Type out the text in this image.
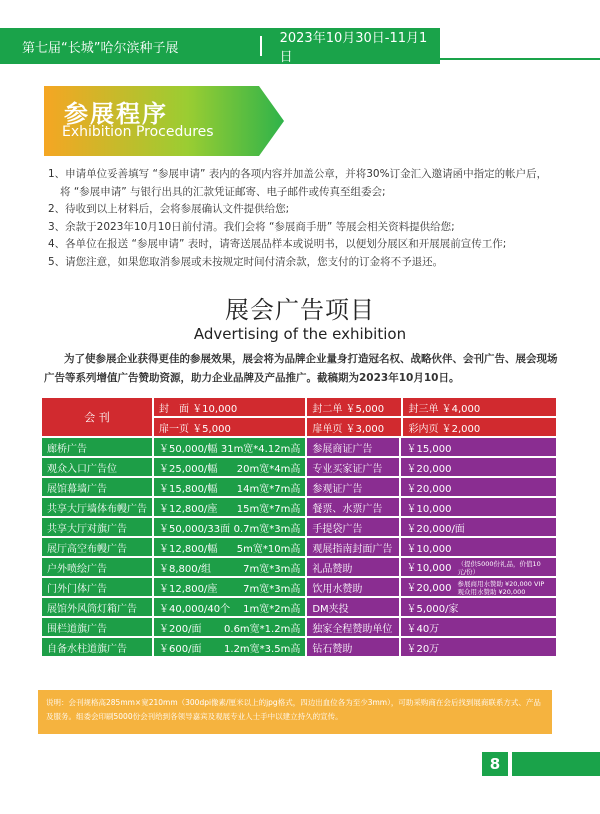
第七届“长城”哈尔滨种子展
2023年10月30日-11月1日
参展程序
Exhibition Procedures

1、申请单位妥善填写 “参展申请” 表内的各项内容并加盖公章，并将30%订金汇入邀请函中指定的帐户后，

将 “参展申请” 与银行出具的汇款凭证邮寄、电子邮件或传真至组委会;

2、待收到以上材料后，会将参展确认文件提供给您;

3、余款于2023年10月10日前付清。我们会将 “参展商手册” 等展会相关资料提供给您;

4、各单位在报送 “参展申请” 表时，请寄送展品样本或说明书，以便划分展区和开展展前宣传工作;

5、请您注意，如果您取消参展或未按规定时间付清余款，您支付的订金将不予退还。

展会广告项目
Advertising of the exhibition
为了使参展企业获得更佳的参展效果，展会将为品牌企业量身打造冠名权、战略伙伴、会刊广告、展会现场广告等系列增值广告赞助资源，助力企业品牌及产品推广。截稿期为2023年10月10日。
会 刊	封　面 ￥10,000	封二单 ￥5,000		封三单 ￥4,000
	扉一页 ￥5,000	扉单页 ￥3,000		彩内页 ￥2,000
廊桥广告	￥50,000/幅 31m宽*4.12m高	参展商证广告	￥15,000	
观众入口广告位	￥25,000/幅 20m宽*4m高	专业买家证广告	￥20,000	
展馆幕墙广告	￥15,800/幅 14m宽*7m高	参观证广告	￥20,000	
共享大厅墙体布幔广告	￥12,800/座 15m宽*7m高	餐票、水票广告	￥10,000	
共享大厅对旗广告	￥50,000/33面 0.7m宽*3m高	手提袋广告	￥20,000/面	
展厅高空布幔广告	￥12,800/幅 5m宽*10m高	观展指南封面广告	￥10,000	
户外喷绘广告	￥8,800/组 7m宽*3m高	礼品赞助	￥10,000 （提供5000份礼品，价值10元/份）	
门外门体广告	￥12,800/座 7m宽*3m高	饮用水赞助	￥20,000 参展商用水赞助 ¥20,000 VIP观众用水赞助 ¥20,000	
展馆外风筒灯箱广告	￥40,000/40个 1m宽*2m高	DM夹投	￥5,000/家	
围栏道旗广告	￥200/面 0.6m宽*1.2m高	独家全程赞助单位	￥40万	
自备水柱道旗广告	￥600/面 1.2m宽*3.5m高	钻石赞助	￥20万	
说明：会刊规格高285mm×宽210mm（300dpi像素/厘米以上的jpg格式，四边出血位各为至少3mm），可助采购商在会后找到展商联系方式、产品及服务。组委会印刷5000份会刊给到各领导嘉宾及观展专业人士手中以建立持久的宣传。
8
